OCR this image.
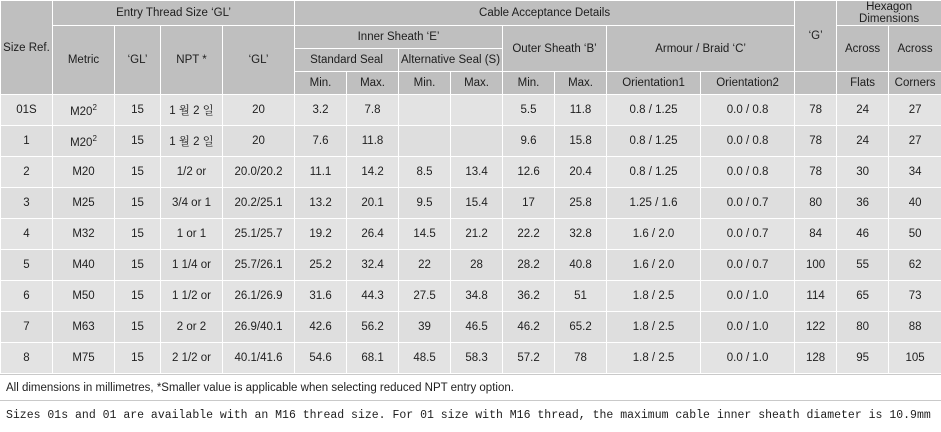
Size Ref.	Entry Thread Size ‘GL’				Cable Acceptance Details								‘G’	Hexagon Dimensions	
	Metric	‘GL’	NPT *	‘GL’	Inner Sheath ‘E’				Outer Sheath ‘B’		Armour / Braid ‘C’			Across	Across
					Standard Seal		Alternative Seal (S)								
					Min.	Max.	Min.	Max.	Min.	Max.	Orientation1	Orientation2		Flats	Corners
01S	$M20^2$	15	1 월 2 일	20	3.2	7.8			5.5	11.8	0.8 / 1.25	0.0 / 0.8	78	24	27
1	$M20^2$	15	1 월 2 일	20	7.6	11.8			9.6	15.8	0.8 / 1.25	0.0 / 0.8	78	24	27
2	M20	15	1/2 or	20.0/20.2	11.1	14.2	8.5	13.4	12.6	20.4	0.8 / 1.25	0.0 / 0.8	78	30	34
3	M25	15	3/4 or 1	20.2/25.1	13.2	20.1	9.5	15.4	17	25.8	1.25 / 1.6	0.0 / 0.7	80	36	40
4	M32	15	1 or 1	25.1/25.7	19.2	26.4	14.5	21.2	22.2	32.8	1.6 / 2.0	0.0 / 0.7	84	46	50
5	M40	15	1 1/4 or	25.7/26.1	25.2	32.4	22	28	28.2	40.8	1.6 / 2.0	0.0 / 0.7	100	55	62
6	M50	15	1 1/2 or	26.1/26.9	31.6	44.3	27.5	34.8	36.2	51	1.8 / 2.5	0.0 / 1.0	114	65	73
7	M63	15	2 or 2	26.9/40.1	42.6	56.2	39	46.5	46.2	65.2	1.8 / 2.5	0.0 / 1.0	122	80	88
8	M75	15	2 1/2 or	40.1/41.6	54.6	68.1	48.5	58.3	57.2	78	1.8 / 2.5	0.0 / 1.0	128	95	105
All dimensions in millimetres, *Smaller value is applicable when selecting reduced NPT entry option.
Sizes 01s and 01 are available with an M16 thread size. For 01 size with M16 thread, the maximum cable inner sheath diameter is 10.9mm
